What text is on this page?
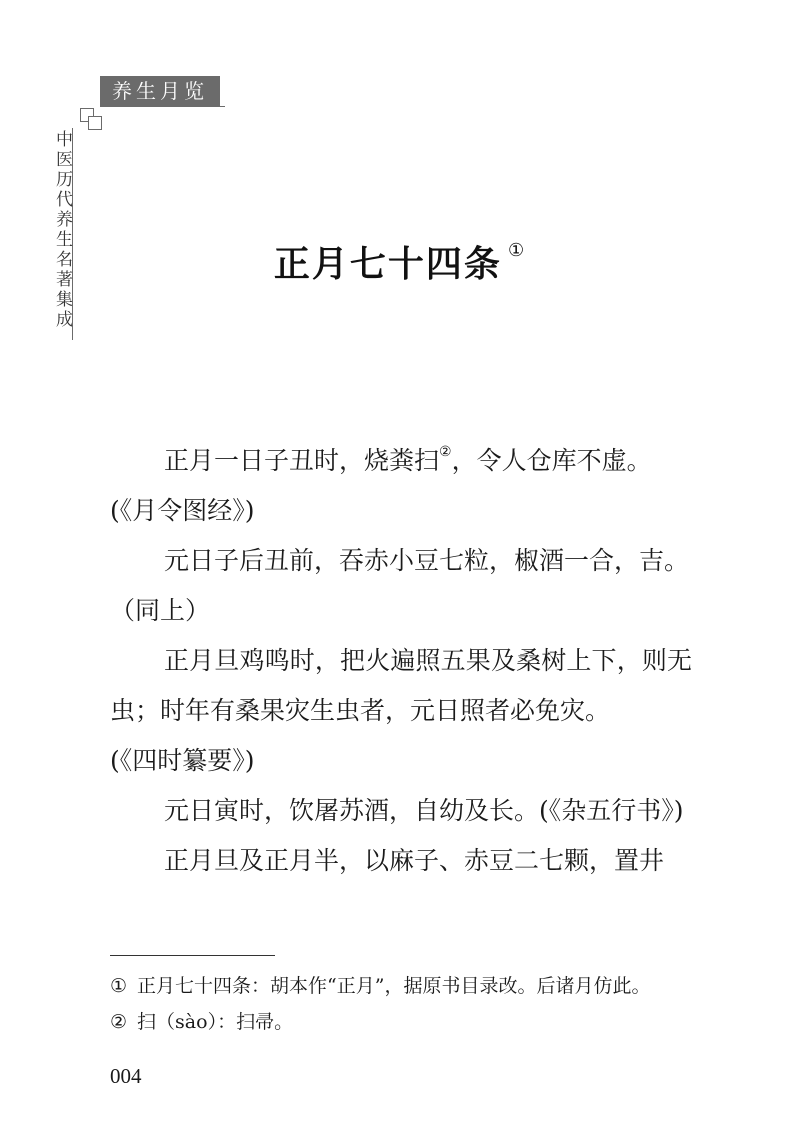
养生月览
中医历代养生名著集成	正月七十四条 ①

正月一日子丑时，烧粪扫②，令人仓库不虚。

(《月令图经》)

元日子后丑前，吞赤小豆七粒，椒酒一合，吉。

（同上）

正月旦鸡鸣时，把火遍照五果及桑树上下，则无虫；时年有桑果灾生虫者，元日照者必免灾。

(《四时纂要》)

元日寅时，饮屠苏酒，自幼及长。(《杂五行书》)

正月旦及正月半，以麻子、赤豆二七颗，置井

① 正月七十四条：胡本作“正月”，据原书目录改。后诸月仿此。
② 扫（sào）：扫帚。
004
